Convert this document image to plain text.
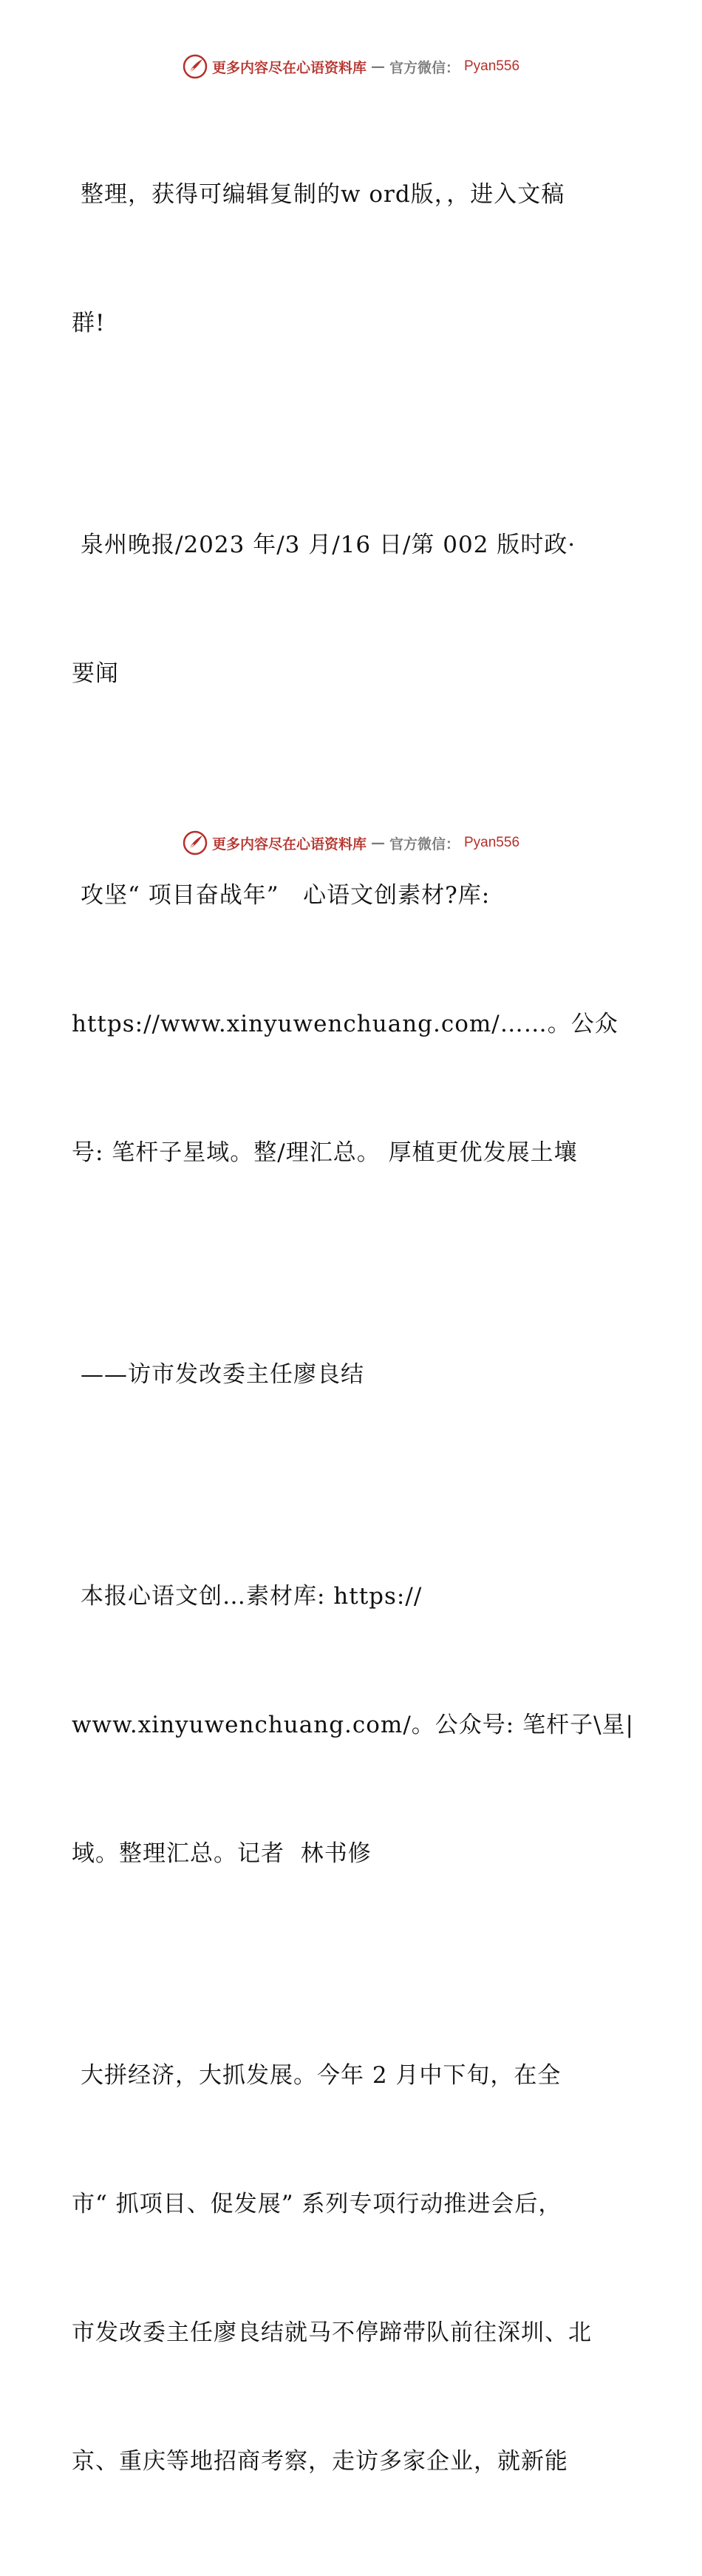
更多内容尽在心语资料库 — 官方微信： Pyan556

整理，获得可编辑复制的w ord版，，进入文稿

群!

泉州晚报/2023 年/3 月/16 日/第 002 版时政·

要闻

攻坚“ 项目奋战年”   心语文创素材?库:

https://www.xinyuwenchuang.com/……。公众

号: 笔杆子星域。整/理汇总。 厚植更优发展土壤

——访市发改委主任廖良结

本报心语文创…素材库: https://

www.xinyuwenchuang.com/。公众号: 笔杆子\星|

域。整理汇总。记者  林书修

大拼经济，大抓发展。今年 2 月中下旬，在全

市“ 抓项目、促发展” 系列专项行动推进会后，

市发改委主任廖良结就马不停蹄带队前往深圳、北

京、重庆等地招商考察，走访多家企业，就新能

更多内容尽在心语资料库 — 官方微信： Pyan556
